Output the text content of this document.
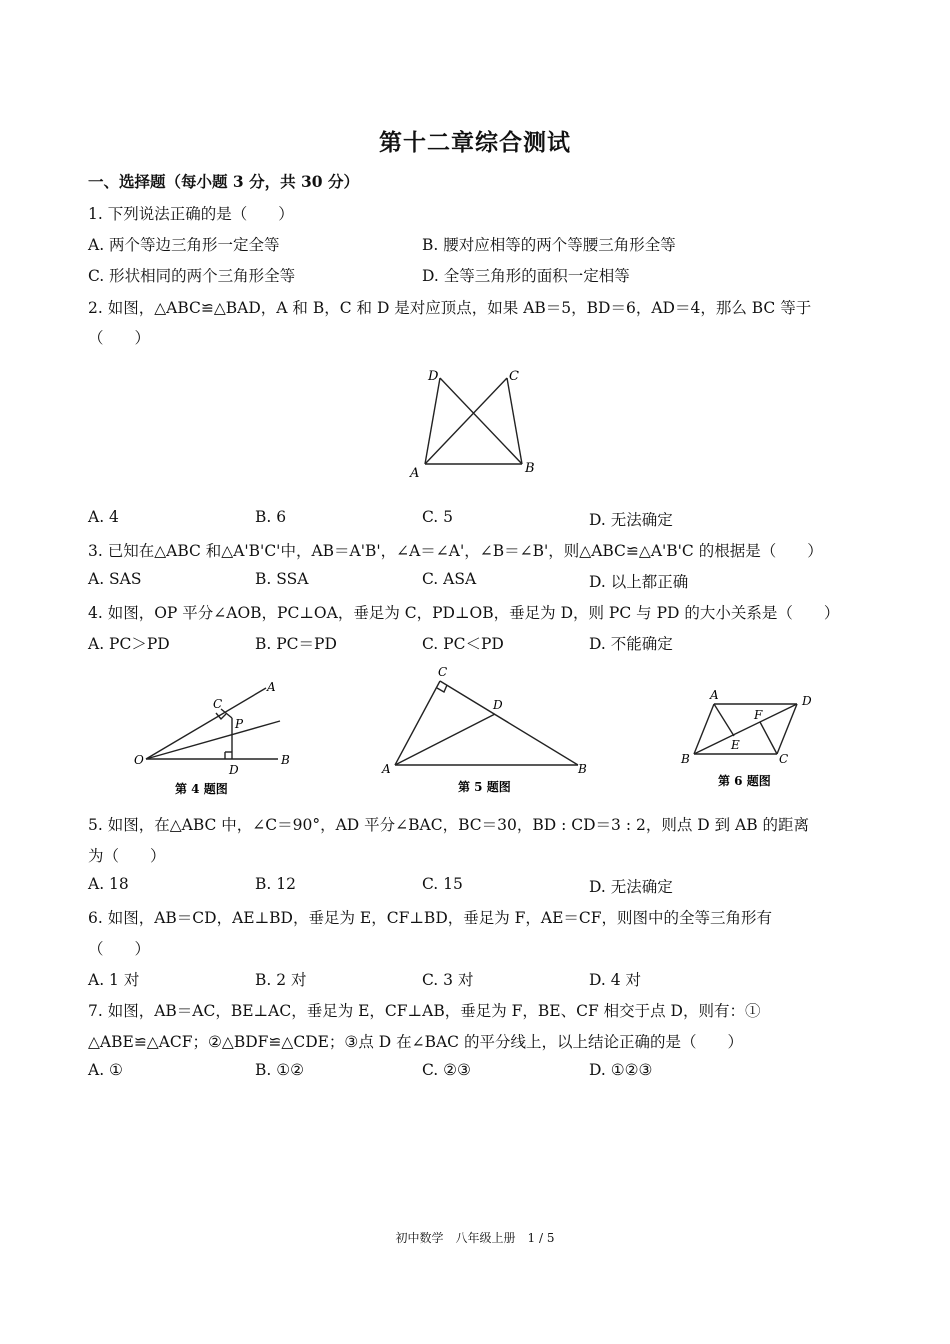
第十二章综合测试
一、选择题（每小题 3 分，共 30 分）
1. 下列说法正确的是（　　）
A. 两个等边三角形一定全等	B. 腰对应相等的两个等腰三角形全等
C. 形状相同的两个三角形全等	D. 全等三角形的面积一定相等
2. 如图，△ABC≌△BAD，A 和 B，C 和 D 是对应顶点，如果 AB＝5，BD＝6，AD＝4，那么 BC 等于
（　　）
D	C
A	B
A. 4	B. 6	C. 5	D. 无法确定
3. 已知在△ABC 和△A'B'C'中，AB＝A'B'，∠A＝∠A'，∠B＝∠B'，则△ABC≌△A'B'C 的根据是（　　）
A. SAS	B. SSA	C. ASA	D. 以上都正确
4. 如图，OP 平分∠AOB，PC⊥OA，垂足为 C，PD⊥OB，垂足为 D，则 PC 与 PD 的大小关系是（　　）
A. PC＞PD	B. PC＝PD	C. PC＜PD	D. 不能确定
A
C
P
O
D
B
第 4 题图
C
D
A	B
第 5 题图
A	D
F
E
B	C
第 6 题图
5. 如图，在△ABC 中，∠C＝90°，AD 平分∠BAC，BC＝30，BD : CD＝3 : 2，则点 D 到 AB 的距离
为（　　）
A. 18	B. 12	C. 15	D. 无法确定
6. 如图，AB＝CD，AE⊥BD，垂足为 E，CF⊥BD，垂足为 F，AE＝CF，则图中的全等三角形有
（　　）
A. 1 对	B. 2 对	C. 3 对	D. 4 对
7. 如图，AB＝AC，BE⊥AC，垂足为 E，CF⊥AB，垂足为 F，BE、CF 相交于点 D，则有：①
△ABE≌△ACF；②△BDF≌△CDE；③点 D 在∠BAC 的平分线上，以上结论正确的是（　　）
A. ①	B. ①②	C. ②③	D. ①②③
初中数学　八年级上册　1 / 5
